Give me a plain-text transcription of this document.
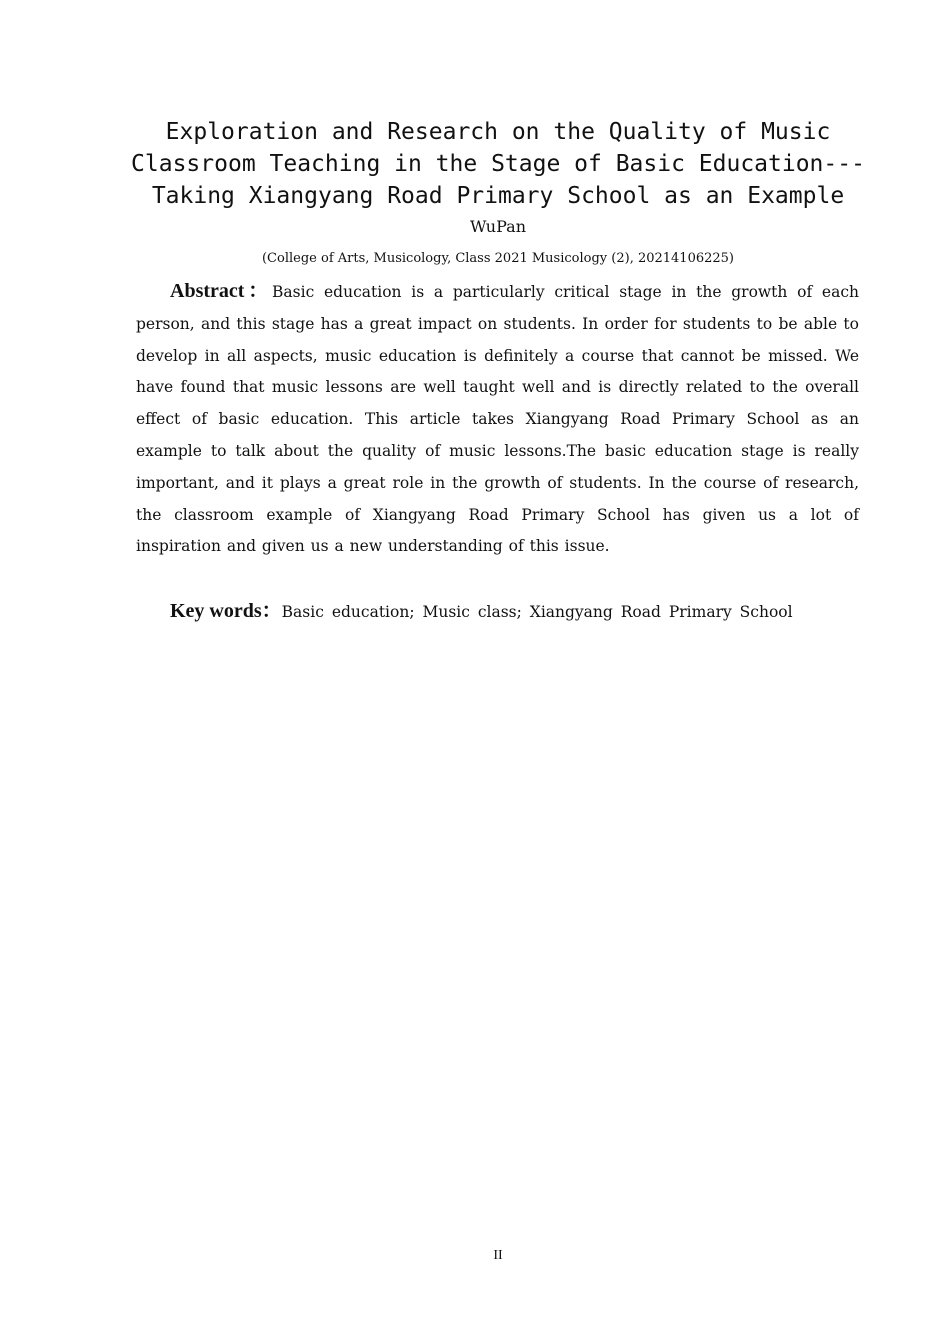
Exploration and Research on the Quality of Music Classroom Teaching in the Stage of Basic Education---Taking Xiangyang Road Primary School as an Example
WuPan
(College of Arts, Musicology, Class 2021 Musicology (2), 20214106225)

Abstract：Basic education is a particularly critical stage in the growth of each person, and this stage has a great impact on students. In order for students to be able to develop in all aspects, music education is definitely a course that cannot be missed. We have found that music lessons are well taught well and is directly related to the overall effect of basic education. This article takes Xiangyang Road Primary School as an example to talk about the quality of music lessons.The basic education stage is really important, and it plays a great role in the growth of students. In the course of research, the classroom example of Xiangyang Road Primary School has given us a lot of inspiration and given us a new understanding of this issue.

Key words：Basic education; Music class; Xiangyang Road Primary School

II
